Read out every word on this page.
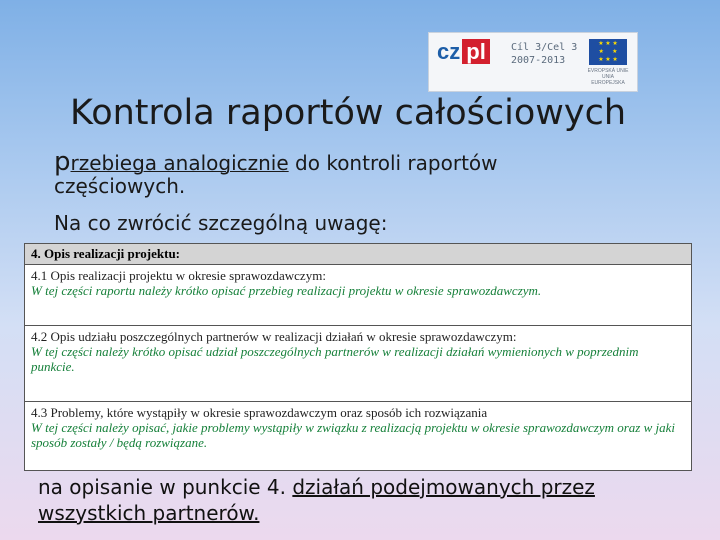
cz pl	Cíl 3/Cel 3
2007-2013
★ ★ ★
★     ★
★ ★ ★
EVROPSKÁ UNIE UNIA EUROPEJSKA
Kontrola raportów całościowych
przebiega analogicznie do kontroli raportów częściowych.
Na co zwrócić szczególną uwagę:
4. Opis realizacji projektu:
4.1 Opis realizacji projektu w okresie sprawozdawczym:
W tej części raportu należy krótko opisać przebieg realizacji projektu w okresie sprawozdawczym.
4.2 Opis udziału poszczególnych partnerów w realizacji działań w okresie sprawozdawczym:
W tej części należy krótko opisać udział poszczególnych partnerów w realizacji działań wymienionych w poprzednim punkcie.
4.3 Problemy, które wystąpiły w okresie sprawozdawczym oraz sposób ich rozwiązania
W tej części należy opisać, jakie problemy wystąpiły w związku z realizacją projektu w okresie sprawozdawczym oraz w jaki sposób zostały / będą rozwiązane.
na opisanie w punkcie 4. działań podejmowanych przez wszystkich partnerów.
